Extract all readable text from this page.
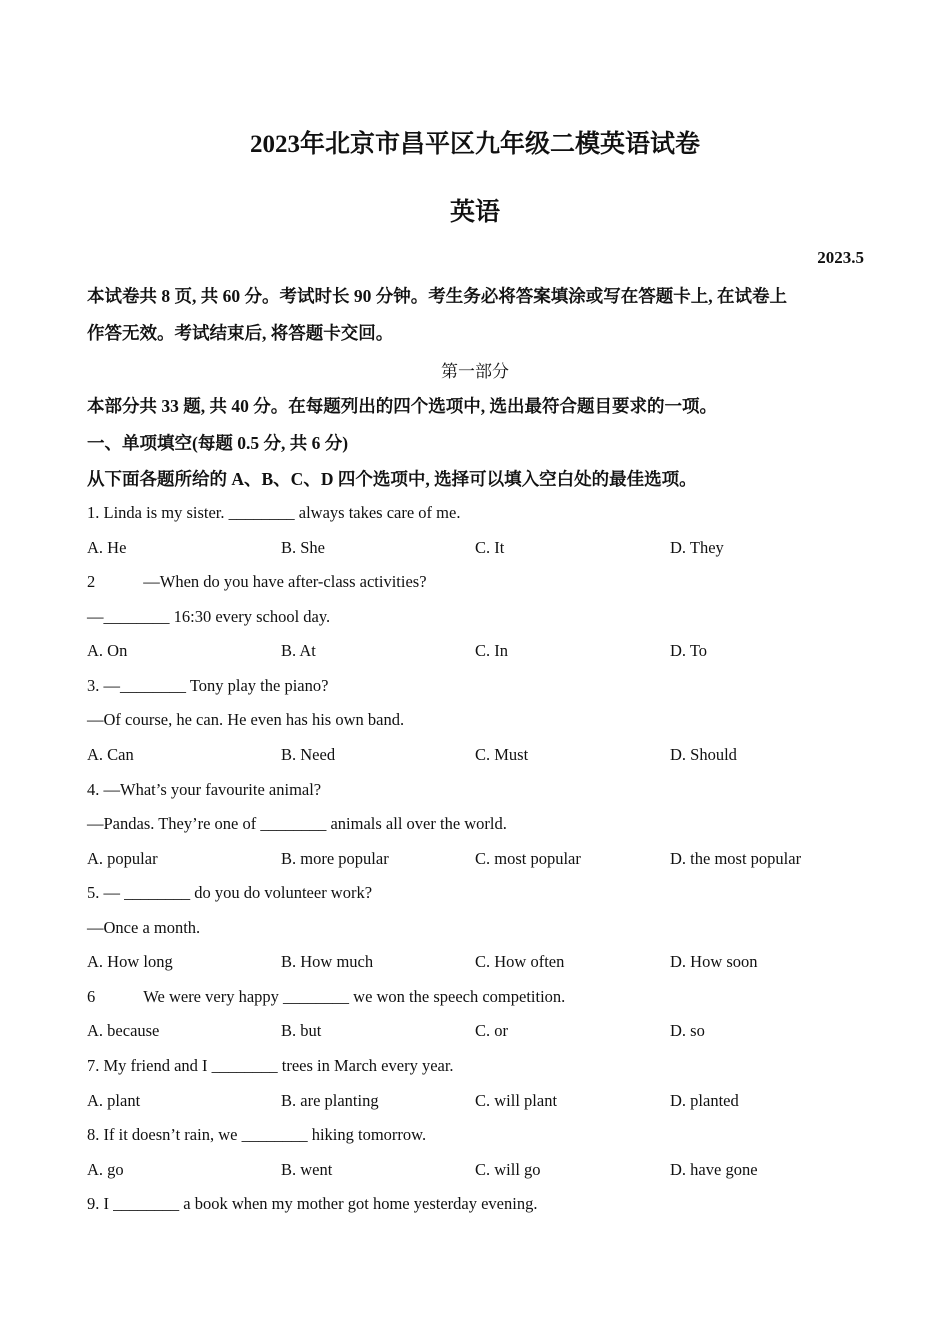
2023年北京市昌平区九年级二模英语试卷
英语
2023.5
本试卷共 8 页, 共 60 分。考试时长 90 分钟。考生务必将答案填涂或写在答题卡上, 在试卷上
作答无效。考试结束后, 将答题卡交回。
第一部分
本部分共 33 题, 共 40 分。在每题列出的四个选项中, 选出最符合题目要求的一项。
一、单项填空(每题 0.5 分, 共 6 分)
从下面各题所给的 A、B、C、D 四个选项中, 选择可以填入空白处的最佳选项。
1. Linda is my sister. ________ always takes care of me.
A. He	B. She	C. It	D. They
2	—When do you have after-class activities?
—________ 16:30 every school day.
A. On	B. At	C. In	D. To
3. —________ Tony play the piano?
—Of course, he can. He even has his own band.
A. Can	B. Need	C. Must	D. Should
4. —What’s your favourite animal?
—Pandas. They’re one of ________ animals all over the world.
A. popular	B. more popular	C. most popular	D. the most popular
5. — ________ do you do volunteer work?
—Once a month.
A. How long	B. How much	C. How often	D. How soon
6	We were very happy ________ we won the speech competition.
A. because	B. but	C. or	D. so
7. My friend and I ________ trees in March every year.
A. plant	B. are planting	C. will plant	D. planted
8. If it doesn’t rain, we ________ hiking tomorrow.
A. go	B. went	C. will go	D. have gone
9. I ________ a book when my mother got home yesterday evening.
